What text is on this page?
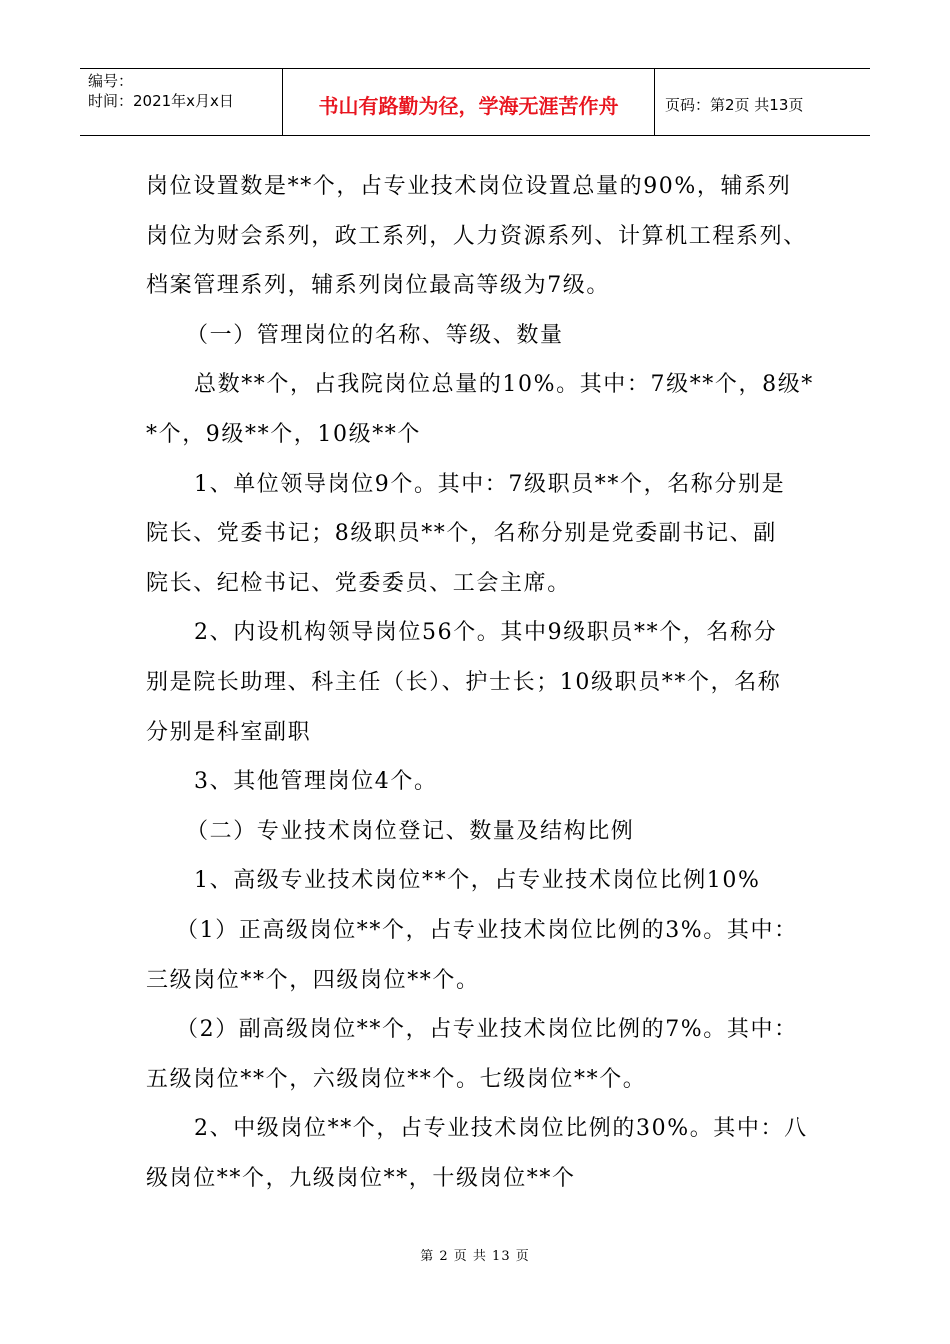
编号：
时间：2021年x月x日	书山有路勤为径，学海无涯苦作舟	页码：第2页 共13页
岗位设置数是**个，占专业技术岗位设置总量的90%，辅系列
岗位为财会系列，政工系列，人力资源系列、计算机工程系列、
档案管理系列，辅系列岗位最高等级为7级。
（一）管理岗位的名称、等级、数量
总数**个，占我院岗位总量的10%。其中：7级**个，8级*
*个，9级**个，10级**个
1、单位领导岗位9个。其中：7级职员**个，名称分别是
院长、党委书记；8级职员**个，名称分别是党委副书记、副
院长、纪检书记、党委委员、工会主席。
2、内设机构领导岗位56个。其中9级职员**个，名称分
别是院长助理、科主任（长）、护士长；10级职员**个，名称
分别是科室副职
3、其他管理岗位4个。
（二）专业技术岗位登记、数量及结构比例
1、高级专业技术岗位**个，占专业技术岗位比例10%
（1）正高级岗位**个，占专业技术岗位比例的3%。其中：
三级岗位**个，四级岗位**个。
（2）副高级岗位**个，占专业技术岗位比例的7%。其中：
五级岗位**个，六级岗位**个。七级岗位**个。
2、中级岗位**个，占专业技术岗位比例的30%。其中：八
级岗位**个，九级岗位**，十级岗位**个
第 2 页 共 13 页
